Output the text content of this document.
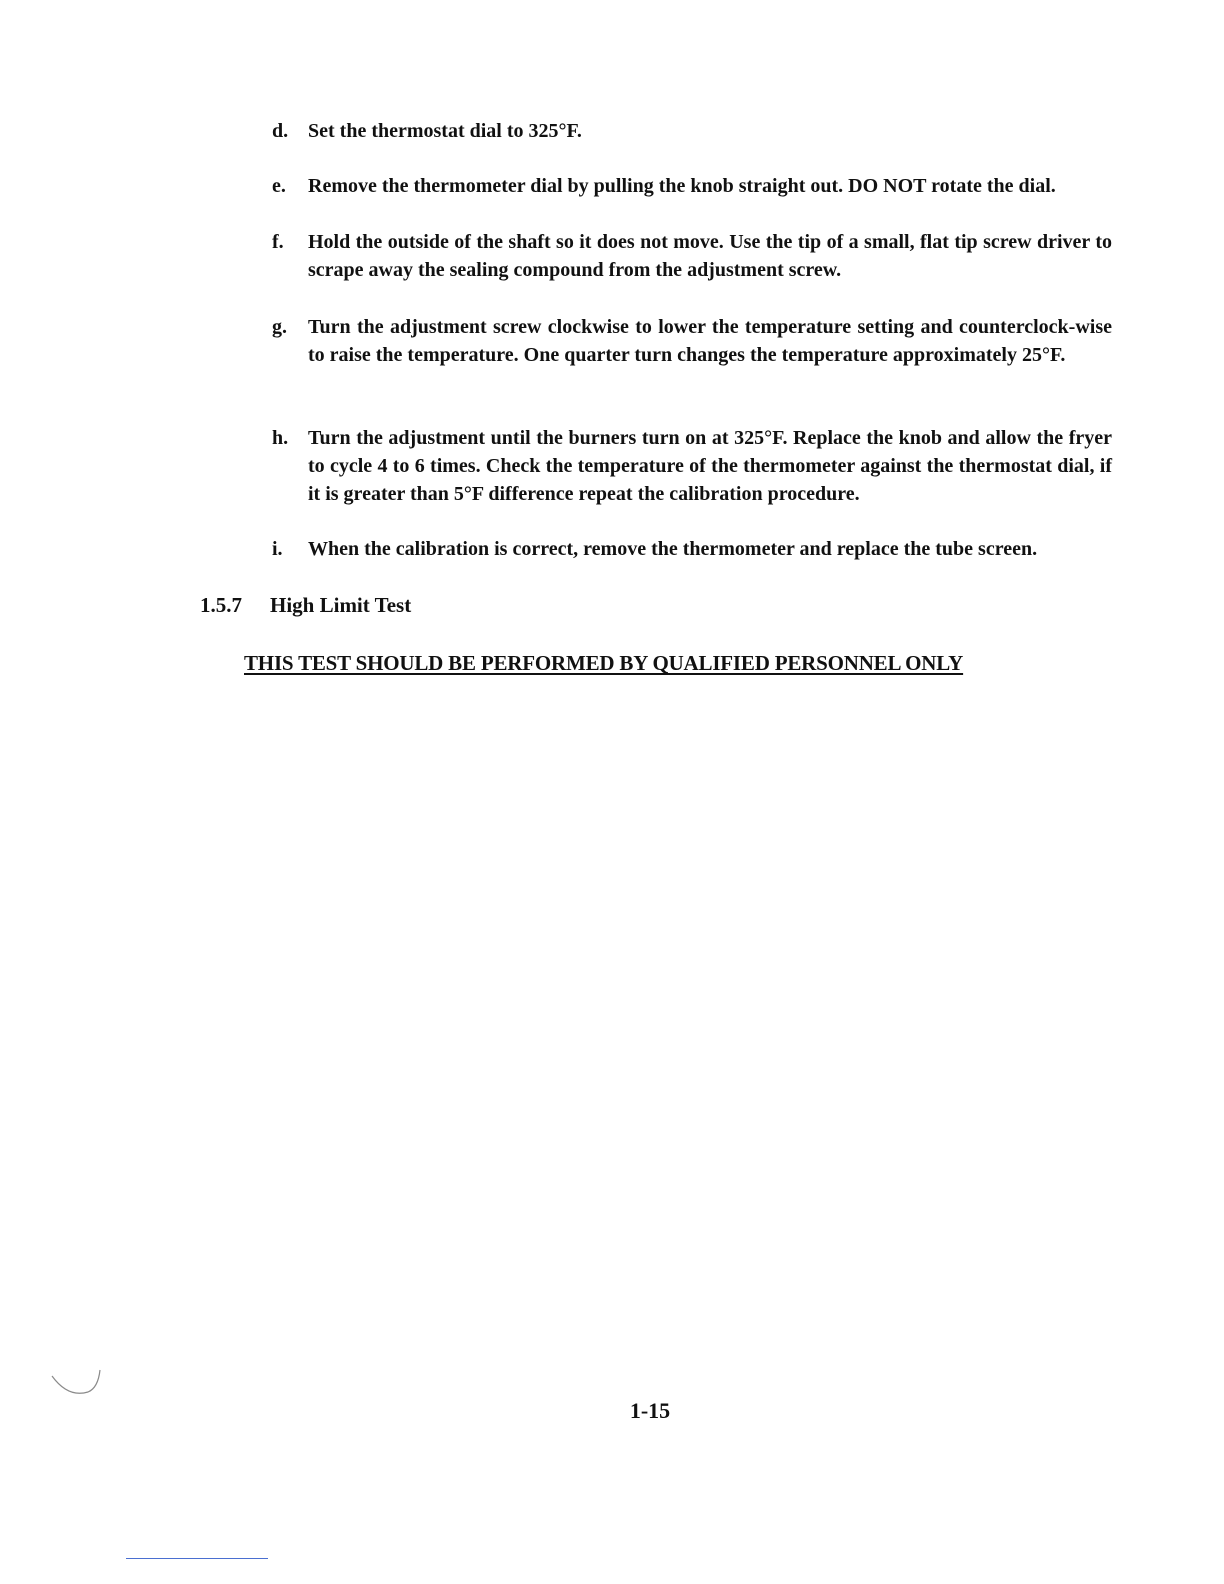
d. Set the thermostat dial to 325°F.
e.	Remove the thermometer dial by pulling the knob straight out. DO NOT rotate the dial.
f.	Hold the outside of the shaft so it does not move. Use the tip of a small, flat tip screw driver to scrape away the sealing compound from the adjustment screw.
g.	Turn the adjustment screw clockwise to lower the temperature setting and counterclock-wise to raise the temperature. One quarter turn changes the temperature approximately 25°F.
h. Turn the adjustment until the burners turn on at 325°F. Replace the knob and allow the fryer to cycle 4 to 6 times. Check the temperature of the thermometer against the thermostat dial, if it is greater than 5°F difference repeat the calibration procedure.
i.	When the calibration is correct, remove the thermometer and replace the tube screen.
1.5.7	High Limit Test
THIS TEST SHOULD BE PERFORMED BY QUALIFIED PERSONNEL ONLY
1-15
